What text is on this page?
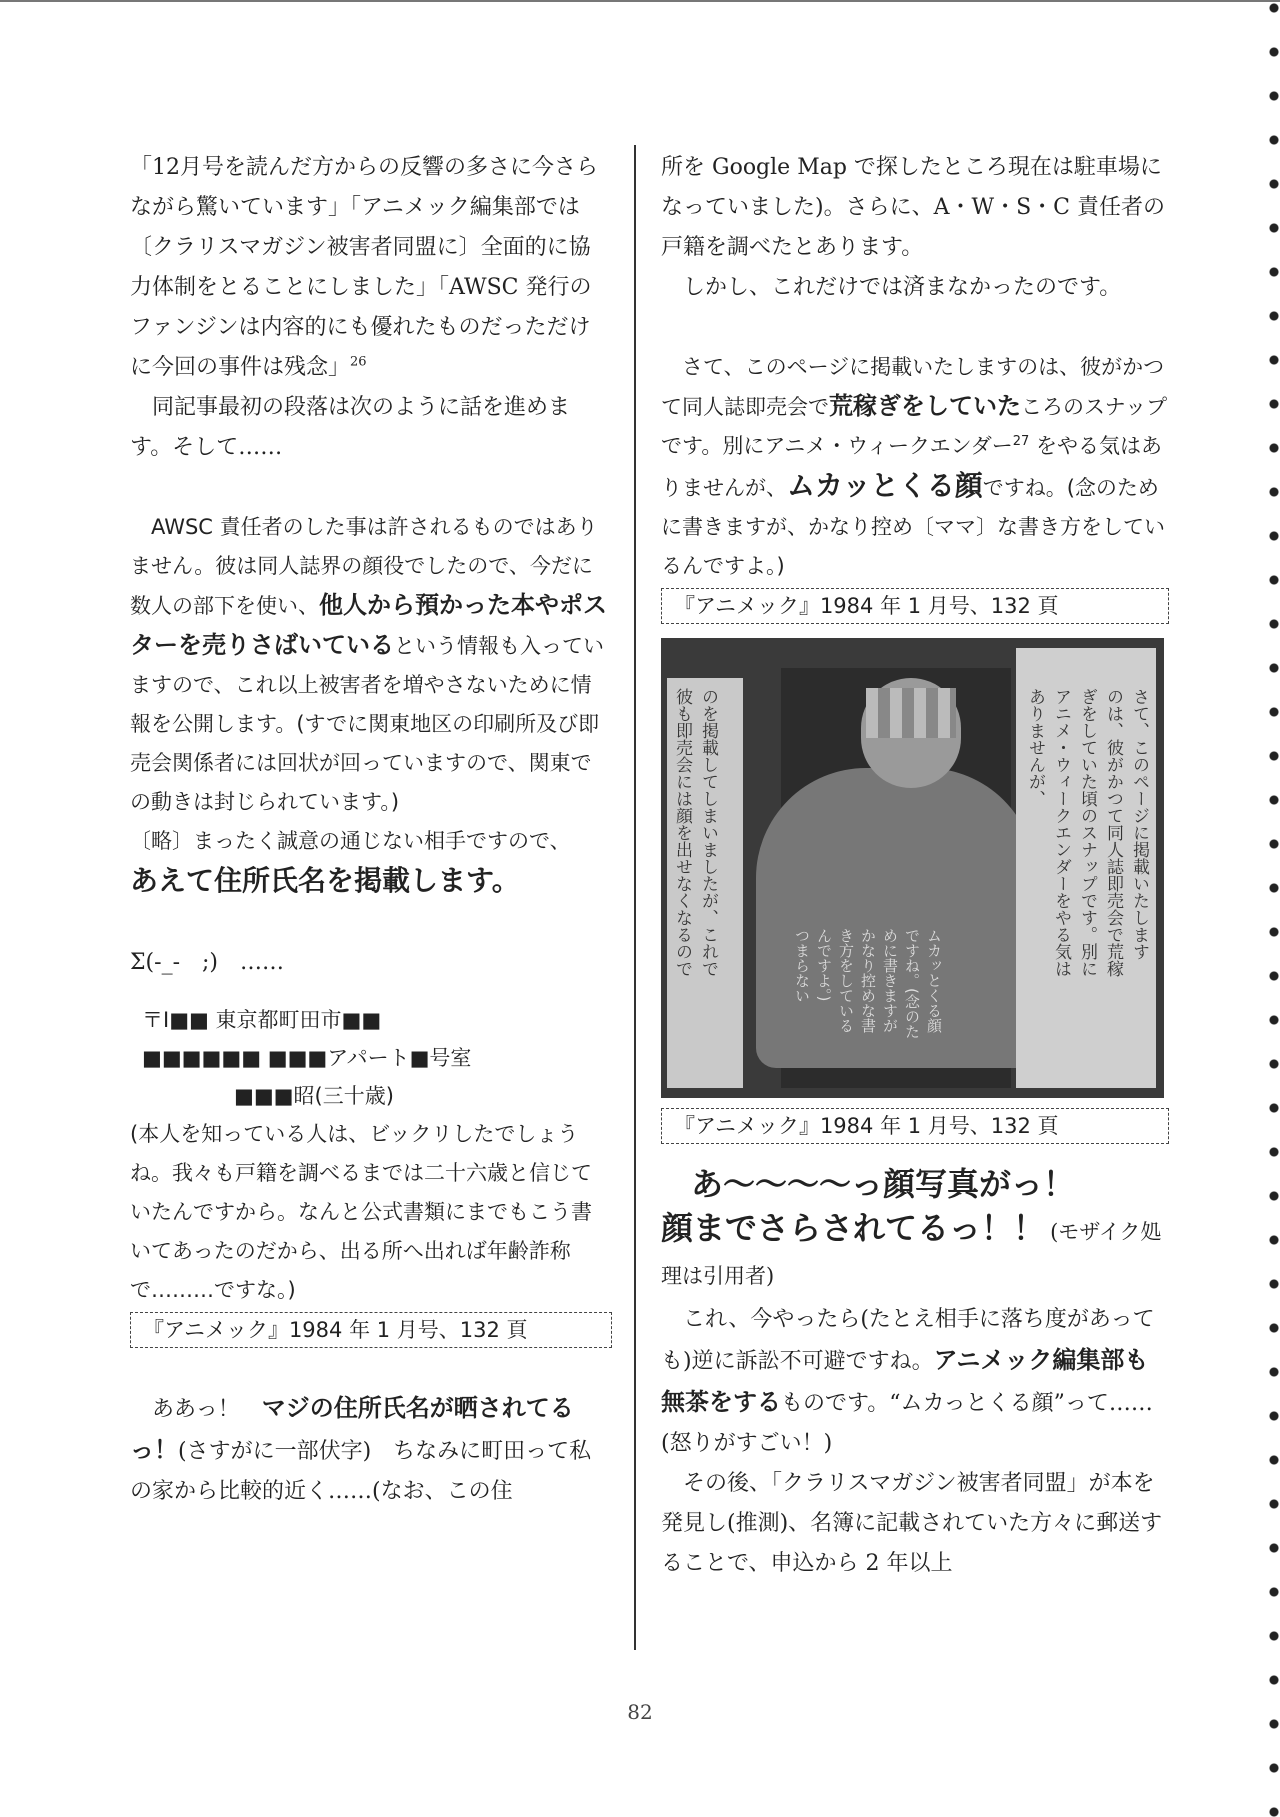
「12月号を読んだ方からの反響の多さに今さらながら驚いています」「アニメック編集部では〔クラリスマガジン被害者同盟に〕全面的に協力体制をとることにしました」「AWSC 発行のファンジンは内容的にも優れたものだっただけに今回の事件は残念」$^{26}$

同記事最初の段落は次のように話を進めます。そして……

AWSC 責任者のした事は許されるものではありません。彼は同人誌界の顔役でしたので、今だに数人の部下を使い、他人から預かった本やポスターを売りさばいているという情報も入っていますので、これ以上被害者を増やさないために情報を公開します。(すでに関東地区の印刷所及び即売会関係者には回状が回っていますので、関東での動きは封じられています。)
〔略〕まったく誠意の通じない相手ですので、
あえて住所氏名を掲載します。

Σ(-_-　;)　……

〒Ⅰ■■ 東京都町田市■■
■■■■■■ ■■■アパート■号室
■■■昭(三十歳)
(本人を知っている人は、ビックリしたでしょうね。我々も戸籍を調べるまでは二十六歳と信じていたんですから。なんと公式書類にまでもこう書いてあったのだから、出る所へ出れば年齢詐称で………ですな。)
『アニメック』1984 年 1 月号、132 頁

ああっ！　マジの住所氏名が晒されてるっ！(さすがに一部伏字)　ちなみに町田って私の家から比較的近く……(なお、この住

所を Google Map で探したところ現在は駐車場になっていました)。さらに、A・W・S・C 責任者の戸籍を調べたとあります。

しかし、これだけでは済まなかったのです。

さて、このページに掲載いたしますのは、彼がかつて同人誌即売会で荒稼ぎをしていたころのスナップです。別にアニメ・ウィークエンダー$^{27}$ をやる気はありませんが、ムカッとくる顔ですね。(念のために書きますが、かなり控め〔ママ〕な書き方をしているんですよ。)
『アニメック』1984 年 1 月号、132 頁
さて、このページに掲載いたします
のは、彼がかつて同人誌即売会で荒稼
ぎをしていた頃のスナップです。別に
アニメ・ウィークエンダーをやる気は
ありませんが、
のを掲載してしまいましたが、これで
彼も即売会には顔を出せなくなるので
ムカッとくる顔
ですね。(念のた
めに書きますが
かなり控めな書
き方をしている
んですよ。)
つまらない
『アニメック』1984 年 1 月号、132 頁
あ～～～～っ顔写真がっ！
顔までさらされてるっ！！ (モザイク処理は引用者)

これ、今やったら(たとえ相手に落ち度があっても)逆に訴訟不可避ですね。アニメック編集部も無茶をするものです。“ムカっとくる顔”って……(怒りがすごい！)

その後、「クラリスマガジン被害者同盟」が本を発見し(推測)、名簿に記載されていた方々に郵送することで、申込から 2 年以上

82
